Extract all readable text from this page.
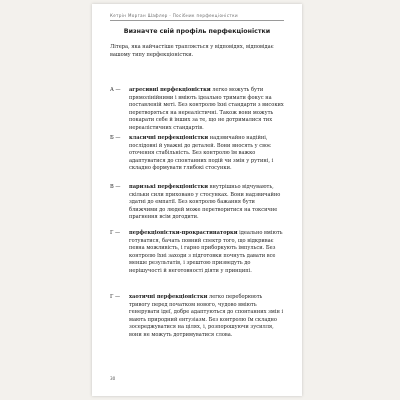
Кетрін Морган Шафлер · Посібник перфекціоністки
Визначте свій профіль перфекціоністки

Літера, яка найчастіше трапляється у відповідях, відповідає вашому типу перфекціоністки.

А —	агресивні перфекціоністки легко можуть бути прямолінійними і вміють ідеально тримати фокус на поставленій меті. Без контролю їхні стандарти з високих перетворяться на нереалістичні. Також вони можуть покарати себе й інших за те, що не дотрималися тих нереалістичних стандартів.
Б —	класичні перфекціоністки надзвичайно надійні, послідовні й уважні до деталей. Вони вносять у своє оточення стабільність. Без контролю їм важко адаптуватися до спонтанних подій чи змін у рутині, і складно формувати глибокі стосунки.
В —	паризькі перфекціоністки внутрішньо відчувають, скільки сили приховано у стосунках. Вони надзвичайно здатні до емпатії. Без контролю бажання бути ближчими до людей може перетворитися на токсичне прагнення всім догодити.
Г —	перфекціоністки-прокрастинаторки ідеально вміють готуватися, бачать повний спектр того, що відкриває певна можливість, і гарно приборкують імпульси. Без контролю їхні заходи з підготовки почнуть давати все менше результатів, і зрештою призведуть до нерішучості й неготовності діяти у принципі.
Г —	хаотичні перфекціоністки легко переборюють тривогу перед початком нового, чудово вміють генерувати ідеї, добре адаптуються до спонтанних змін і мають природний ентузіазм. Без контролю їм складно зосереджуватися на цілях, і, розпорошуючи зусилля, вони не можуть дотримуватися слова.
30
